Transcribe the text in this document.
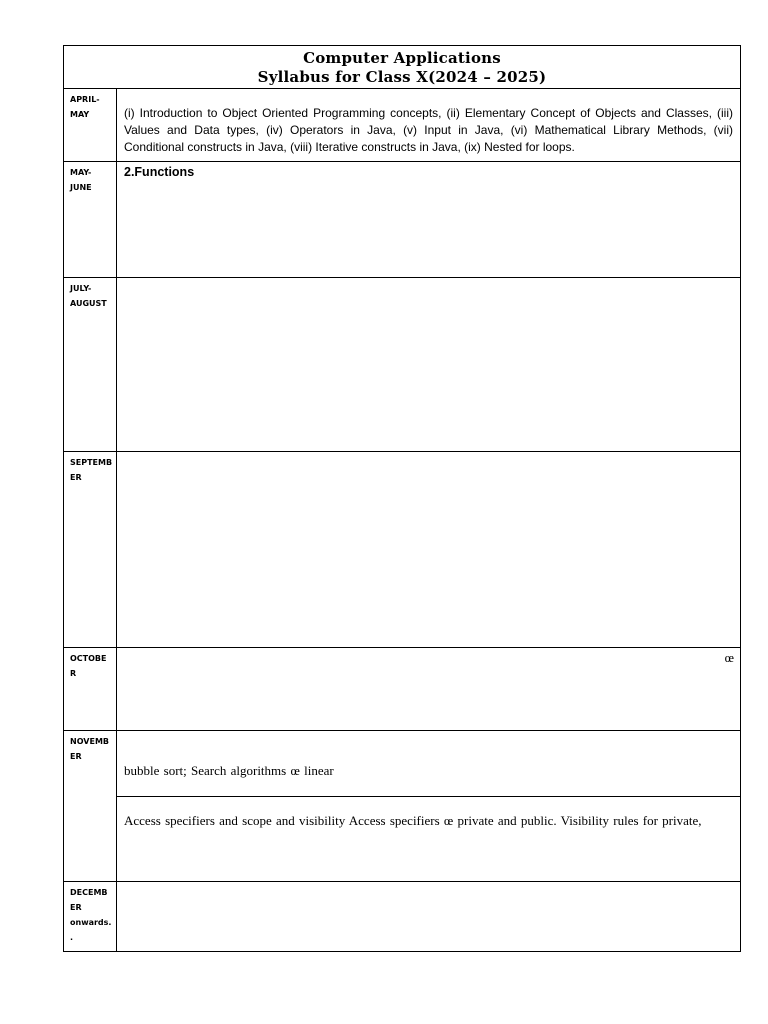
Computer Applications
Syllabus for Class X(2024 – 2025)
APRIL-
MAY	(i) Introduction to Object Oriented Programming concepts, (ii) Elementary Concept of Objects and Classes, (iii) Values and Data types, (iv) Operators in Java, (v) Input in Java, (vi) Mathematical Library Methods, (vii) Conditional constructs in Java, (viii) Iterative constructs in Java, (ix) Nested for loops.
MAY-
JUNE
2.Functions
JULY-
AUGUST
SEPTEMB
ER
OCTOBE
R
œ
NOVEMB
ER
bubble sort; Search algorithms œ linear
Access specifiers and scope and visibility Access specifiers œ private and public. Visibility rules for private,
DECEMB
ER
onwards.
.
